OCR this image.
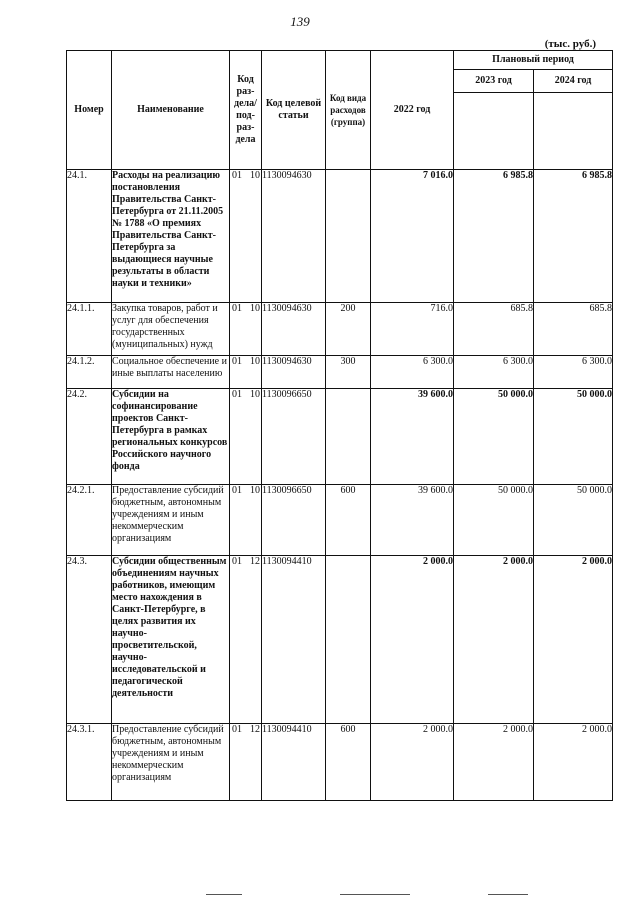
139
(тыс. руб.)
Номер	Наименование	Код раз-дела/ под-раз-дела	Код целевой статьи	Код вида расходов (группа)	2022 год	Плановый период	
						2023 год	2024 год

24.1.	Расходы на реализацию постановления Правительства Санкт-Петербурга от 21.11.2005 № 1788 «О премиях Правительства Санкт-Петербурга за выдающиеся научные результаты в области науки и техники»	01 10	1130094630		7 016.0	6 985.8	6 985.8
24.1.1.	Закупка товаров, работ и услуг для обеспечения государственных (муниципальных) нужд	01 10	1130094630	200	716.0	685.8	685.8
24.1.2.	Социальное обеспечение и иные выплаты населению	01 10	1130094630	300	6 300.0	6 300.0	6 300.0
24.2.	Субсидии на софинансирование проектов Санкт-Петербурга в рамках региональных конкурсов Российского научного фонда	01 10	1130096650		39 600.0	50 000.0	50 000.0
24.2.1.	Предоставление субсидий бюджетным, автономным учреждениям и иным некоммерческим организациям	01 10	1130096650	600	39 600.0	50 000.0	50 000.0
24.3.	Субсидии общественным объединениям научных работников, имеющим место нахождения в Санкт-Петербурге, в целях развития их научно-просветительской, научно-исследовательской и педагогической деятельности	01 12	1130094410		2 000.0	2 000.0	2 000.0
24.3.1.	Предоставление субсидий бюджетным, автономным учреждениям и иным некоммерческим организациям	01 12	1130094410	600	2 000.0	2 000.0	2 000.0
